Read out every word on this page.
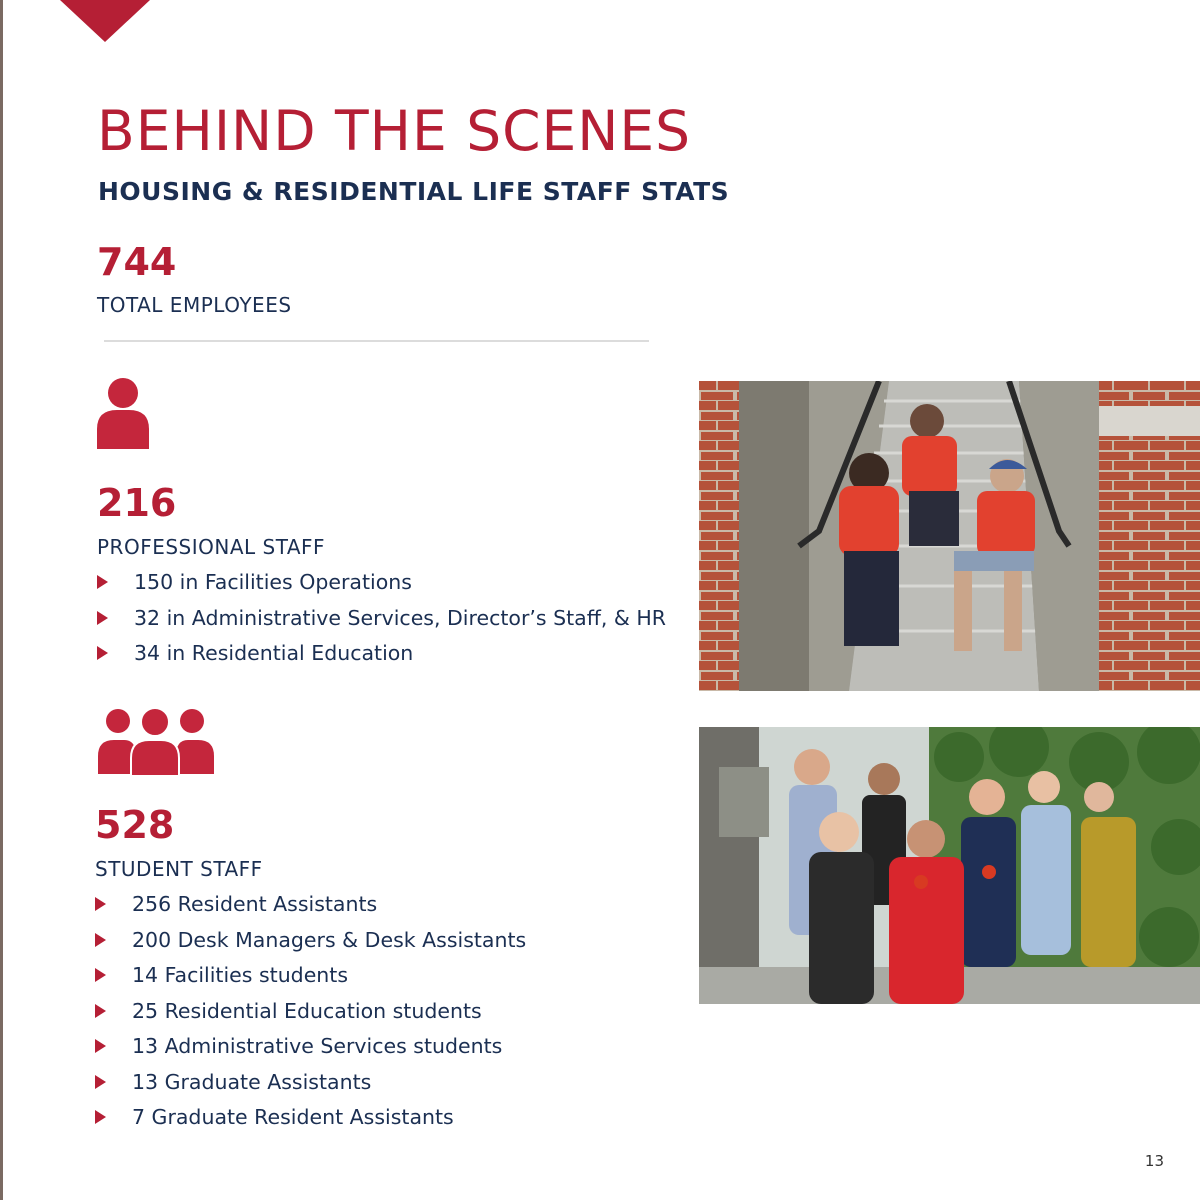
BEHIND THE SCENES
HOUSING & RESIDENTIAL LIFE STAFF STATS
744
TOTAL EMPLOYEES
216
PROFESSIONAL STAFF
150 in Facilities Operations
32 in Administrative Services, Director’s Staff, & HR
34 in Residential Education
528
STUDENT STAFF
256 Resident Assistants
200 Desk Managers & Desk Assistants
14 Facilities students
25 Residential Education students
13 Administrative Services students
13 Graduate Assistants
7 Graduate Resident Assistants
13
